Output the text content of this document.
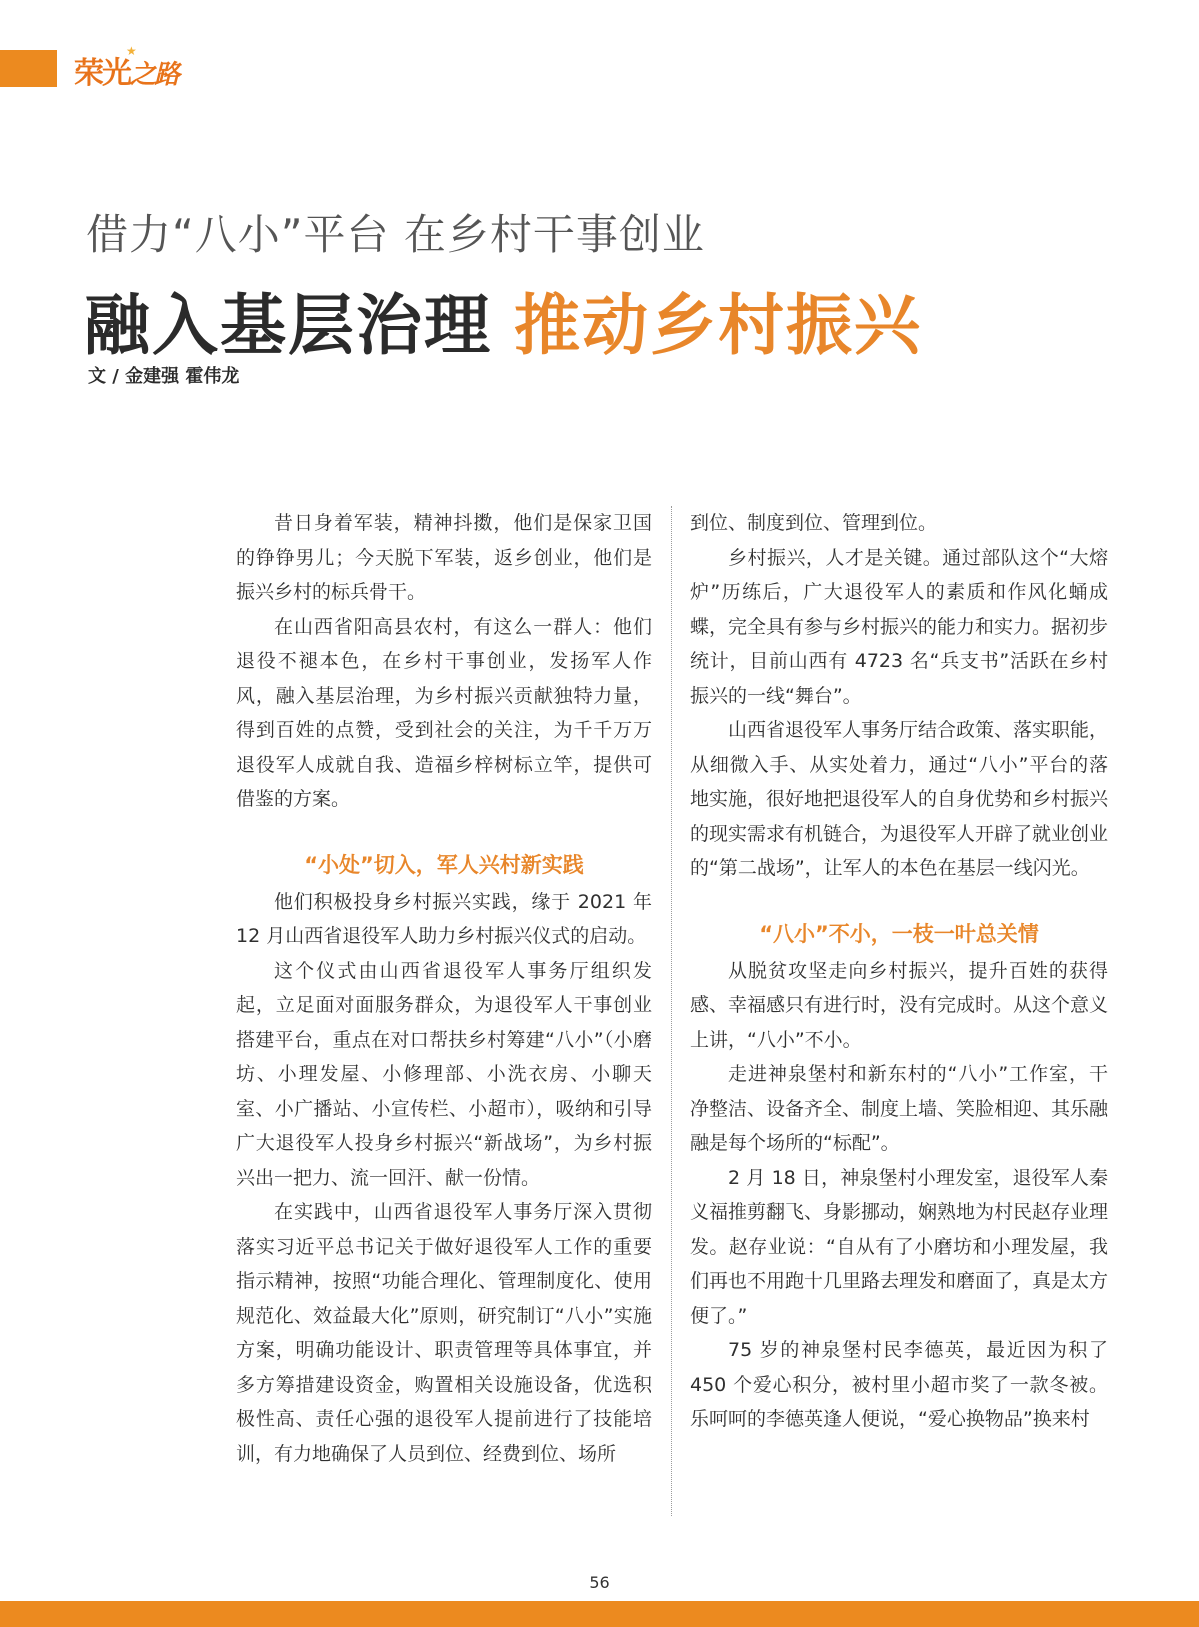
荣光之路
★
借力“八小”平台 在乡村干事创业
融入基层治理 推动乡村振兴
文 / 金建强 霍伟龙

昔日身着军装，精神抖擞，他们是保家卫国的铮铮男儿；今天脱下军装，返乡创业，他们是振兴乡村的标兵骨干。

在山西省阳高县农村，有这么一群人：他们退役不褪本色，在乡村干事创业，发扬军人作风，融入基层治理，为乡村振兴贡献独特力量，得到百姓的点赞，受到社会的关注，为千千万万退役军人成就自我、造福乡梓树标立竿，提供可借鉴的方案。

“小处”切入，军人兴村新实践

他们积极投身乡村振兴实践，缘于 2021 年 12 月山西省退役军人助力乡村振兴仪式的启动。

这个仪式由山西省退役军人事务厅组织发起，立足面对面服务群众，为退役军人干事创业搭建平台，重点在对口帮扶乡村筹建“八小”（小磨坊、小理发屋、小修理部、小洗衣房、小聊天室、小广播站、小宣传栏、小超市），吸纳和引导广大退役军人投身乡村振兴“新战场”，为乡村振兴出一把力、流一回汗、献一份情。

在实践中，山西省退役军人事务厅深入贯彻落实习近平总书记关于做好退役军人工作的重要指示精神，按照“功能合理化、管理制度化、使用规范化、效益最大化”原则，研究制订“八小”实施方案，明确功能设计、职责管理等具体事宜，并多方筹措建设资金，购置相关设施设备，优选积极性高、责任心强的退役军人提前进行了技能培训，有力地确保了人员到位、经费到位、场所

到位、制度到位、管理到位。

乡村振兴，人才是关键。通过部队这个“大熔炉”历练后，广大退役军人的素质和作风化蛹成蝶，完全具有参与乡村振兴的能力和实力。据初步统计，目前山西有 4723 名“兵支书”活跃在乡村振兴的一线“舞台”。

山西省退役军人事务厅结合政策、落实职能，从细微入手、从实处着力，通过“八小”平台的落地实施，很好地把退役军人的自身优势和乡村振兴的现实需求有机链合，为退役军人开辟了就业创业的“第二战场”，让军人的本色在基层一线闪光。

“八小”不小，一枝一叶总关情

从脱贫攻坚走向乡村振兴，提升百姓的获得感、幸福感只有进行时，没有完成时。从这个意义上讲，“八小”不小。

走进神泉堡村和新东村的“八小”工作室，干净整洁、设备齐全、制度上墙、笑脸相迎、其乐融融是每个场所的“标配”。

2 月 18 日，神泉堡村小理发室，退役军人秦义福推剪翻飞、身影挪动，娴熟地为村民赵存业理发。赵存业说：“自从有了小磨坊和小理发屋，我们再也不用跑十几里路去理发和磨面了，真是太方便了。”

75 岁的神泉堡村民李德英，最近因为积了 450 个爱心积分，被村里小超市奖了一款冬被。乐呵呵的李德英逢人便说，“爱心换物品”换来村

56
